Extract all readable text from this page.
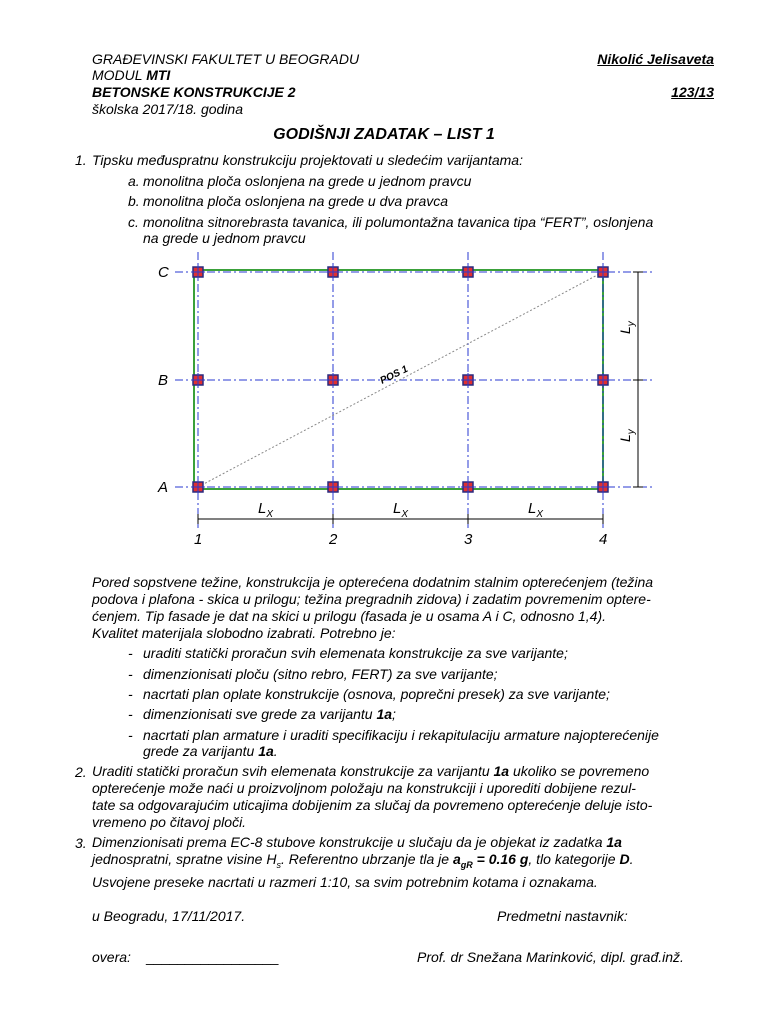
GRAĐEVINSKI FAKULTET U BEOGRADU
MODUL MTI
BETONSKE KONSTRUKCIJE 2
školska 2017/18. godina
Nikolić Jelisaveta
123/13
GODIŠNJI ZADATAK – LIST 1
1. Tipsku međuspratnu konstrukciju projektovati u sledećim varijantama:
a. monolitna ploča oslonjena na grede u jednom pravcu
b. monolitna ploča oslonjena na grede u dva pravca
c. monolitna sitnorebrasta tavanica, ili polumontažna tavanica tipa “FERT”, oslonjena
na grede u jednom pravcu
POS 1
$L_y$
$L_y$
C
B
A
1	2	3	4
$L_X$	$L_X$	$L_X$
Pored sopstvene težine, konstrukcija je opterećena dodatnim stalnim opterećenjem (težina
podova i plafona - skica u prilogu; težina pregradnih zidova) i zadatim povremenim optere-
ćenjem. Tip fasade je dat na skici u prilogu (fasada je u osama A i C, odnosno 1,4).
Kvalitet materijala slobodno izabrati. Potrebno je:
- uraditi statički proračun svih elemenata konstrukcije za sve varijante;
- dimenzionisati ploču (sitno rebro, FERT) za sve varijante;
- nacrtati plan oplate konstrukcije (osnova, poprečni presek) za sve varijante;
- dimenzionisati sve grede za varijantu 1a;
- nacrtati plan armature i uraditi specifikaciju i rekapitulaciju armature najopterećenije
grede za varijantu 1a.
2. Uraditi statički proračun svih elemenata konstrukcije za varijantu 1a ukoliko se povremeno
opterećenje može naći u proizvoljnom položaju na konstrukciji i uporediti dobijene rezul-
tate sa odgovarajućim uticajima dobijenim za slučaj da povremeno opterećenje deluje isto-
vremeno po čitavoj ploči.
3. Dimenzionisati prema EC-8 stubove konstrukcije u slučaju da je objekat iz zadatka 1a
jednospratni, spratne visine $H_s$. Referentno ubrzanje tla je $a_{gR} = 0.16$ g, tlo kategorije D.
Usvojene preseke nacrtati u razmeri 1:10, sa svim potrebnim kotama i oznakama.
u Beogradu, 17/11/2017.	Predmetni nastavnik:
overa: _________________	Prof. dr Snežana Marinković, dipl. građ.inž.
